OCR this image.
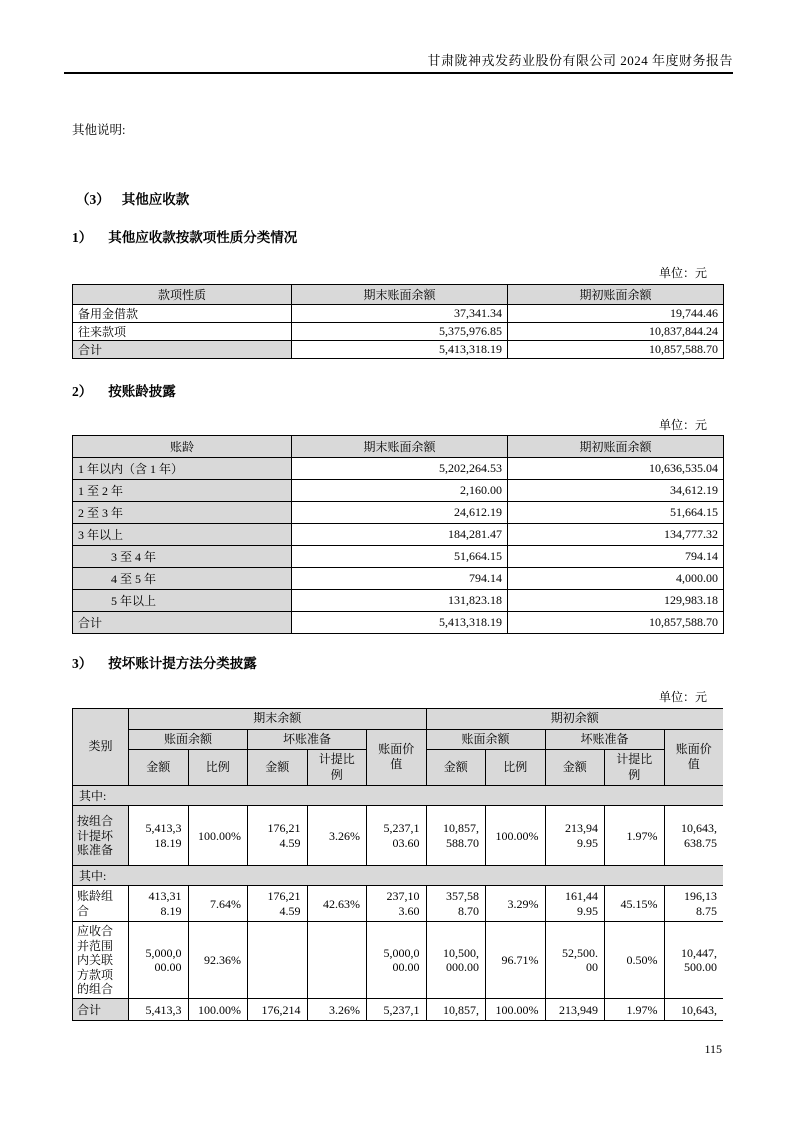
甘肃陇神戎发药业股份有限公司 2024 年度财务报告
其他说明:
（3） 其他应收款
1） 其他应收款按款项性质分类情况
单位：元
款项性质	期末账面余额	期初账面余额
备用金借款	37,341.34	19,744.46
往来款项	5,375,976.85	10,837,844.24
合计	5,413,318.19	10,857,588.70
2） 按账龄披露
单位：元
账龄	期末账面余额	期初账面余额
1 年以内（含 1 年）	5,202,264.53	10,636,535.04
1 至 2 年	2,160.00	34,612.19
2 至 3 年	24,612.19	51,664.15
3 年以上	184,281.47	134,777.32
3 至 4 年	51,664.15	794.14
4 至 5 年	794.14	4,000.00
5 年以上	131,823.18	129,983.18
合计	5,413,318.19	10,857,588.70
3） 按坏账计提方法分类披露
单位：元
类别	期末余额					期初余额				
	账面余额		坏账准备		账面价值	账面余额		坏账准备		账面价值
	金额	比例	金额	计提比例		金额	比例	金额	计提比例	
其中:										
按组合计提坏账准备	5,413,318.19	100.00%	176,214.59	3.26%	5,237,103.60	10,857,588.70	100.00%	213,949.95	1.97%	10,643,638.75
其中:										
账龄组合	413,318.19	7.64%	176,214.59	42.63%	237,103.60	357,588.70	3.29%	161,449.95	45.15%	196,138.75
应收合并范围内关联方款项的组合	5,000,000.00	92.36%			5,000,000.00	10,500,000.00	96.71%	52,500.00	0.50%	10,447,500.00
合计	5,413,3	100.00%	176,214	3.26%	5,237,1	10,857,	100.00%	213,949	1.97%	10,643,
115
